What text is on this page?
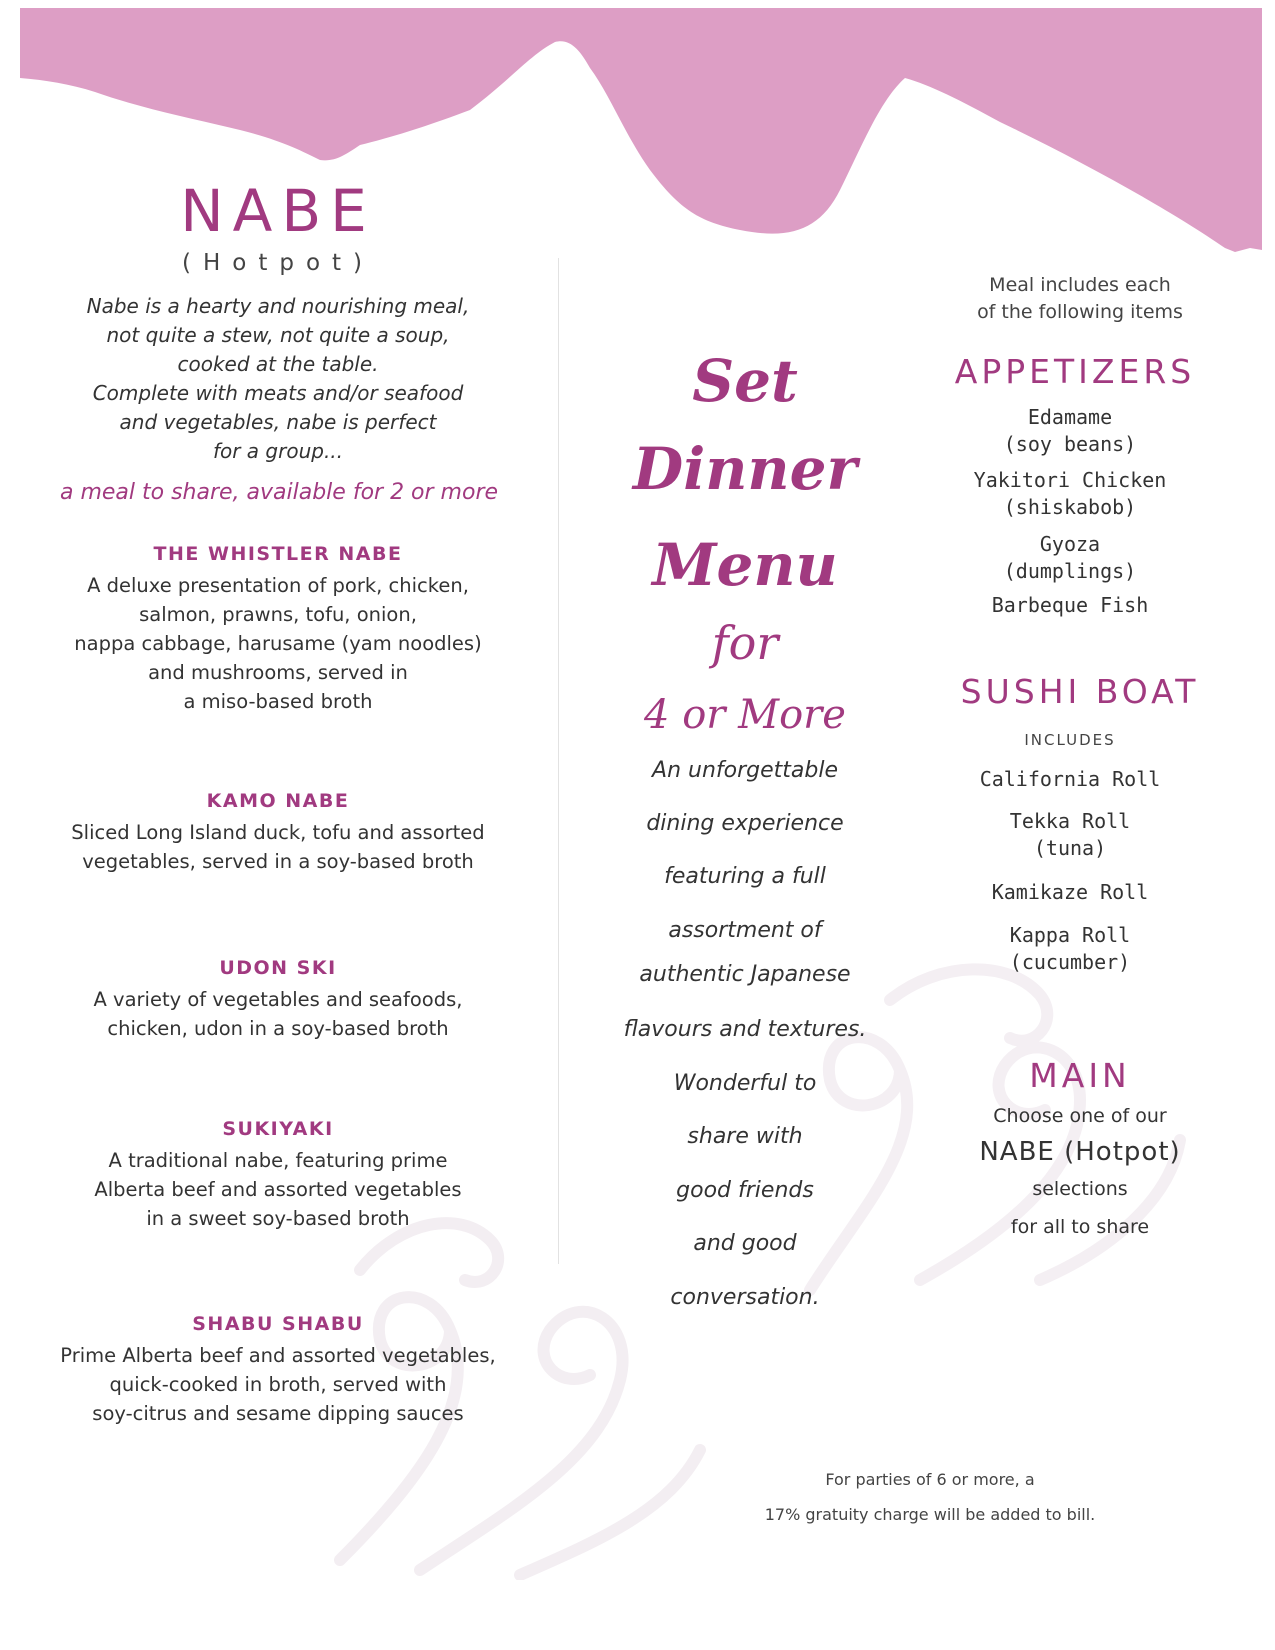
NABE
(Hotpot)
Nabe is a hearty and nourishing meal,
not quite a stew, not quite a soup,
cooked at the table.
Complete with meats and/or seafood
and vegetables, nabe is perfect
for a group...
a meal to share, available for 2 or more
THE WHISTLER NABE
A deluxe presentation of pork, chicken,
salmon, prawns, tofu, onion,
nappa cabbage, harusame (yam noodles)
and mushrooms, served in
a miso-based broth
KAMO NABE
Sliced Long Island duck, tofu and assorted
vegetables, served in a soy-based broth
UDON SKI
A variety of vegetables and seafoods,
chicken, udon in a soy-based broth
SUKIYAKI
A traditional nabe, featuring prime
Alberta beef and assorted vegetables
in a sweet soy-based broth
SHABU SHABU
Prime Alberta beef and assorted vegetables,
quick-cooked in broth, served with
soy-citrus and sesame dipping sauces
Set
Dinner
Menu
for
4 or More
An unforgettable
dining experience
featuring a full
assortment of
authentic Japanese
flavours and textures.
Wonderful to
share with
good friends
and good
conversation.
Meal includes each
of the following items
APPETIZERS
Edamame
(soy beans)
Yakitori Chicken
(shiskabob)
Gyoza
(dumplings)
Barbeque Fish
SUSHI BOAT
INCLUDES
California Roll
Tekka Roll
(tuna)
Kamikaze Roll
Kappa Roll
(cucumber)
MAIN
Choose one of our
NABE (Hotpot)
selections
for all to share
For parties of 6 or more, a
17% gratuity charge will be added to bill.
